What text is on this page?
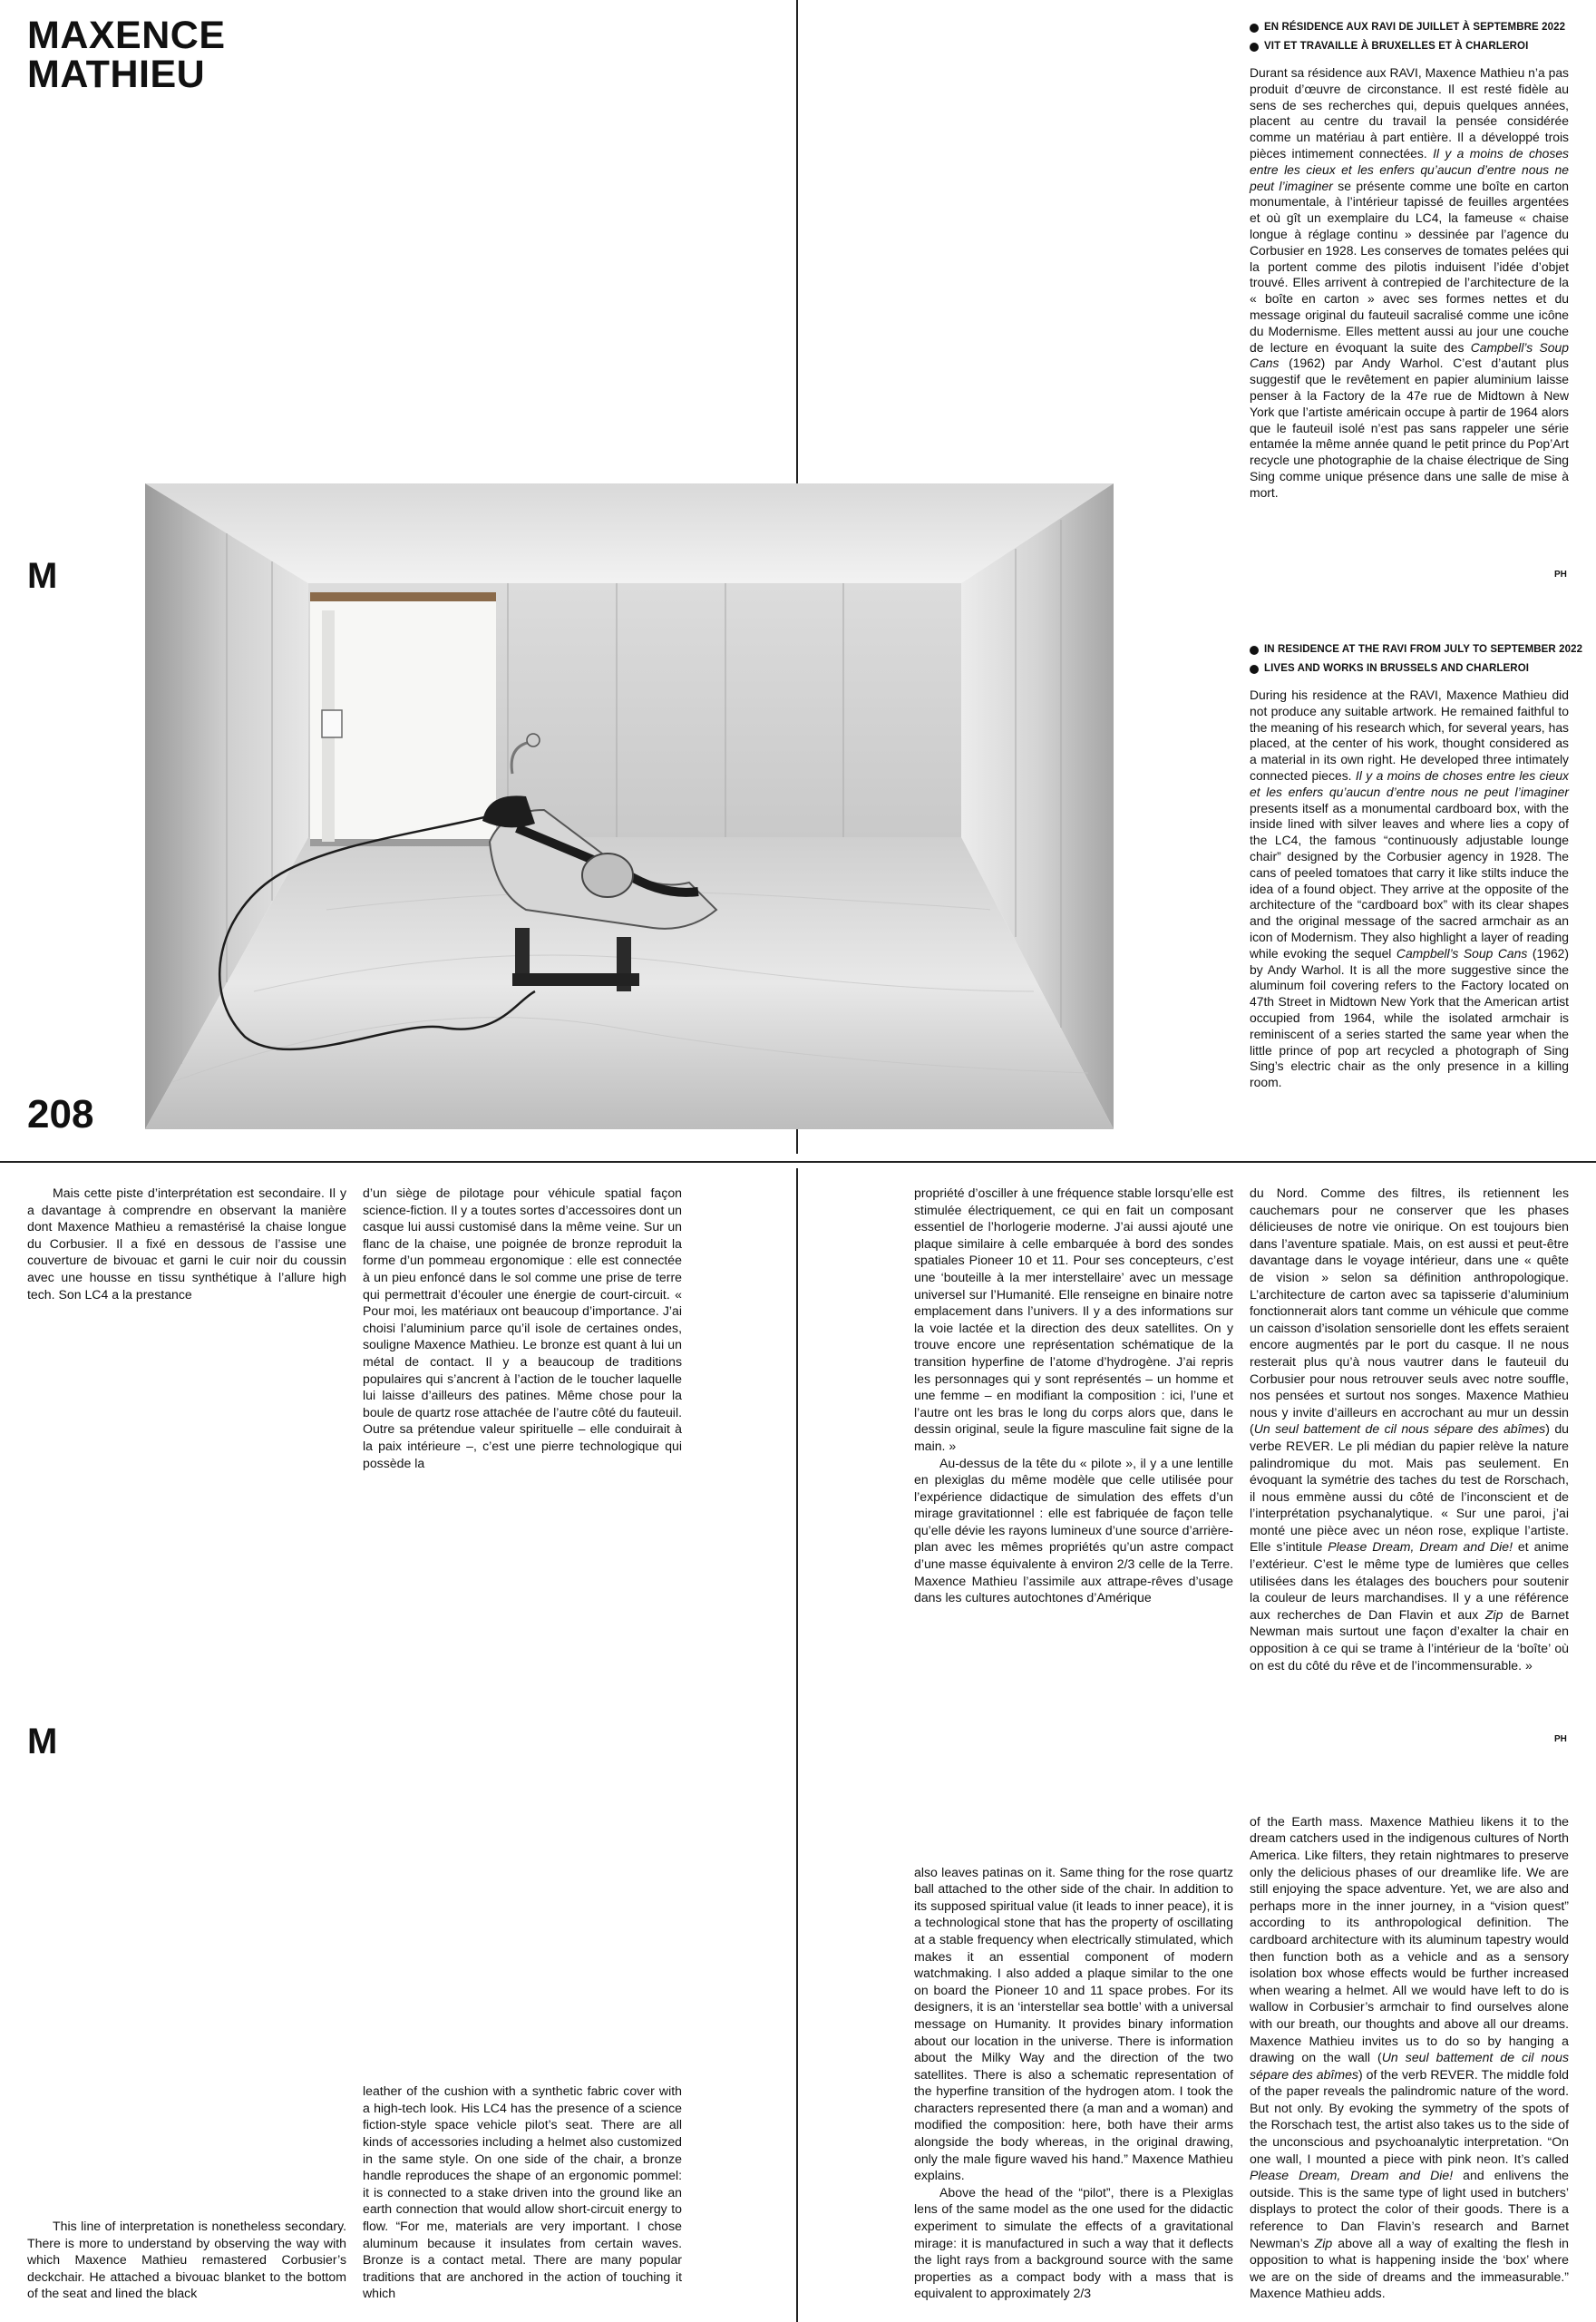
MAXENCE
MATHIEU
M
208
M
EN RÉSIDENCE AUX RAVI DE JUILLET À SEPTEMBRE 2022
VIT ET TRAVAILLE À BRUXELLES ET À CHARLEROI

Durant sa résidence aux RAVI, Maxence Mathieu n’a pas produit d’œuvre de circonstance. Il est resté fidèle au sens de ses recherches qui, depuis quelques années, placent au centre du travail la pensée considérée comme un matériau à part entière. Il a développé trois pièces intimement connectées. Il y a moins de choses entre les cieux et les enfers qu’aucun d’entre nous ne peut l’imaginer se présente comme une boîte en carton monumentale, à l’intérieur tapissé de feuilles argentées et où gît un exemplaire du LC4, la fameuse « chaise longue à réglage continu » dessinée par l’agence du Corbusier en 1928. Les conserves de tomates pelées qui la portent comme des pilotis induisent l’idée d’objet trouvé. Elles arrivent à contrepied de l’architecture de la « boîte en carton » avec ses formes nettes et du message original du fauteuil sacralisé comme une icône du Modernisme. Elles mettent aussi au jour une couche de lecture en évoquant la suite des Campbell’s Soup Cans (1962) par Andy Warhol. C’est d’autant plus suggestif que le revêtement en papier aluminium laisse penser à la Factory de la 47e rue de Midtown à New York que l’artiste américain occupe à partir de 1964 alors que le fauteuil isolé n’est pas sans rappeler une série entamée la même année quand le petit prince du Pop’Art recycle une photographie de la chaise électrique de Sing Sing comme unique présence dans une salle de mise à mort.

PH
IN RESIDENCE AT THE RAVI FROM JULY TO SEPTEMBER 2022
LIVES AND WORKS IN BRUSSELS AND CHARLEROI

During his residence at the RAVI, Maxence Mathieu did not produce any suitable artwork. He remained faithful to the meaning of his research which, for several years, has placed, at the center of his work, thought considered as a material in its own right. He developed three intimately connected pieces. Il y a moins de choses entre les cieux et les enfers qu’aucun d’entre nous ne peut l’imaginer presents itself as a monumental cardboard box, with the inside lined with silver leaves and where lies a copy of the LC4, the famous “continuously adjustable lounge chair” designed by the Corbusier agency in 1928. The cans of peeled tomatoes that carry it like stilts induce the idea of a found object. They arrive at the opposite of the architecture of the “cardboard box” with its clear shapes and the original message of the sacred armchair as an icon of Modernism. They also highlight a layer of reading while evoking the sequel Campbell’s Soup Cans (1962) by Andy Warhol. It is all the more suggestive since the aluminum foil covering refers to the Factory located on 47th Street in Midtown New York that the American artist occupied from 1964, while the isolated armchair is reminiscent of a series started the same year when the little prince of pop art recycled a photograph of Sing Sing’s electric chair as the only presence in a killing room.

Mais cette piste d’interprétation est secondaire. Il y a davantage à comprendre en observant la manière dont Maxence Mathieu a remastérisé la chaise longue du Corbusier. Il a fixé en dessous de l’assise une couverture de bivouac et garni le cuir noir du coussin avec une housse en tissu synthétique à l’allure high tech. Son LC4 a la prestance

d’un siège de pilotage pour véhicule spatial façon science-fiction. Il y a toutes sortes d’accessoires dont un casque lui aussi customisé dans la même veine. Sur un flanc de la chaise, une poignée de bronze reproduit la forme d’un pommeau ergonomique : elle est connectée à un pieu enfoncé dans le sol comme une prise de terre qui permettrait d’écouler une énergie de court-circuit. « Pour moi, les matériaux ont beaucoup d’importance. J’ai choisi l’aluminium parce qu’il isole de certaines ondes, souligne Maxence Mathieu. Le bronze est quant à lui un métal de contact. Il y a beaucoup de traditions populaires qui s’ancrent à l’action de le toucher laquelle lui laisse d’ailleurs des patines. Même chose pour la boule de quartz rose attachée de l’autre côté du fauteuil. Outre sa prétendue valeur spirituelle – elle conduirait à la paix intérieure –, c’est une pierre technologique qui possède la

propriété d’osciller à une fréquence stable lorsqu’elle est stimulée électriquement, ce qui en fait un composant essentiel de l’horlogerie moderne. J’ai aussi ajouté une plaque similaire à celle embarquée à bord des sondes spatiales Pioneer 10 et 11. Pour ses concepteurs, c’est une ‘bouteille à la mer interstellaire’ avec un message universel sur l’Humanité. Elle renseigne en binaire notre emplacement dans l’univers. Il y a des informations sur la voie lactée et la direction des deux satellites. On y trouve encore une représentation schématique de la transition hyperfine de l’atome d’hydrogène. J’ai repris les personnages qui y sont représentés – un homme et une femme – en modifiant la composition : ici, l’une et l’autre ont les bras le long du corps alors que, dans le dessin original, seule la figure masculine fait signe de la main. »

Au-dessus de la tête du « pilote », il y a une lentille en plexiglas du même modèle que celle utilisée pour l’expérience didactique de simulation des effets d’un mirage gravitationnel : elle est fabriquée de façon telle qu’elle dévie les rayons lumineux d’une source d’arrière-plan avec les mêmes propriétés qu’un astre compact d’une masse équivalente à environ 2/3 celle de la Terre. Maxence Mathieu l’assimile aux attrape-rêves d’usage dans les cultures autochtones d’Amérique

du Nord. Comme des filtres, ils retiennent les cauchemars pour ne conserver que les phases délicieuses de notre vie onirique. On est toujours bien dans l’aventure spatiale. Mais, on est aussi et peut-être davantage dans le voyage intérieur, dans une « quête de vision » selon sa définition anthropologique. L’architecture de carton avec sa tapisserie d’aluminium fonctionnerait alors tant comme un véhicule que comme un caisson d’isolation sensorielle dont les effets seraient encore augmentés par le port du casque. Il ne nous resterait plus qu’à nous vautrer dans le fauteuil du Corbusier pour nous retrouver seuls avec notre souffle, nos pensées et surtout nos songes. Maxence Mathieu nous y invite d’ailleurs en accrochant au mur un dessin (Un seul battement de cil nous sépare des abîmes) du verbe REVER. Le pli médian du papier relève la nature palindromique du mot. Mais pas seulement. En évoquant la symétrie des taches du test de Rorschach, il nous emmène aussi du côté de l’inconscient et de l’interprétation psychanalytique. « Sur une paroi, j’ai monté une pièce avec un néon rose, explique l’artiste. Elle s’intitule Please Dream, Dream and Die! et anime l’extérieur. C’est le même type de lumières que celles utilisées dans les étalages des bouchers pour soutenir la couleur de leurs marchandises. Il y a une référence aux recherches de Dan Flavin et aux Zip de Barnet Newman mais surtout une façon d’exalter la chair en opposition à ce qui se trame à l’intérieur de la ‘boîte’ où on est du côté du rêve et de l’incommensurable. »

PH

This line of interpretation is nonetheless secondary. There is more to understand by observing the way with which Maxence Mathieu remastered Corbusier’s deckchair. He attached a bivouac blanket to the bottom of the seat and lined the black

leather of the cushion with a synthetic fabric cover with a high-tech look. His LC4 has the presence of a science fiction-style space vehicle pilot’s seat. There are all kinds of accessories including a helmet also customized in the same style. On one side of the chair, a bronze handle reproduces the shape of an ergonomic pommel: it is connected to a stake driven into the ground like an earth connection that would allow short-circuit energy to flow. “For me, materials are very important. I chose aluminum because it insulates from certain waves. Bronze is a contact metal. There are many popular traditions that are anchored in the action of touching it which

also leaves patinas on it. Same thing for the rose quartz ball attached to the other side of the chair. In addition to its supposed spiritual value (it leads to inner peace), it is a technological stone that has the property of oscillating at a stable frequency when electrically stimulated, which makes it an essential component of modern watchmaking. I also added a plaque similar to the one on board the Pioneer 10 and 11 space probes. For its designers, it is an ‘interstellar sea bottle’ with a universal message on Humanity. It provides binary information about our location in the universe. There is information about the Milky Way and the direction of the two satellites. There is also a schematic representation of the hyperfine transition of the hydrogen atom. I took the characters represented there (a man and a woman) and modified the composition: here, both have their arms alongside the body whereas, in the original drawing, only the male figure waved his hand.” Maxence Mathieu explains.

Above the head of the “pilot”, there is a Plexiglas lens of the same model as the one used for the didactic experiment to simulate the effects of a gravitational mirage: it is manufactured in such a way that it deflects the light rays from a background source with the same properties as a compact body with a mass that is equivalent to approximately 2/3

of the Earth mass. Maxence Mathieu likens it to the dream catchers used in the indigenous cultures of North America. Like filters, they retain nightmares to preserve only the delicious phases of our dreamlike life. We are still enjoying the space adventure. Yet, we are also and perhaps more in the inner journey, in a “vision quest” according to its anthropological definition. The cardboard architecture with its aluminum tapestry would then function both as a vehicle and as a sensory isolation box whose effects would be further increased when wearing a helmet. All we would have left to do is wallow in Corbusier’s armchair to find ourselves alone with our breath, our thoughts and above all our dreams. Maxence Mathieu invites us to do so by hanging a drawing on the wall (Un seul battement de cil nous sépare des abîmes) of the verb REVER. The middle fold of the paper reveals the palindromic nature of the word. But not only. By evoking the symmetry of the spots of the Rorschach test, the artist also takes us to the side of the unconscious and psychoanalytic interpretation. “On one wall, I mounted a piece with pink neon. It’s called Please Dream, Dream and Die! and enlivens the outside. This is the same type of light used in butchers’ displays to protect the color of their goods. There is a reference to Dan Flavin’s research and Barnet Newman’s Zip above all a way of exalting the flesh in opposition to what is happening inside the ‘box’ where we are on the side of dreams and the immeasurable.” Maxence Mathieu adds.
